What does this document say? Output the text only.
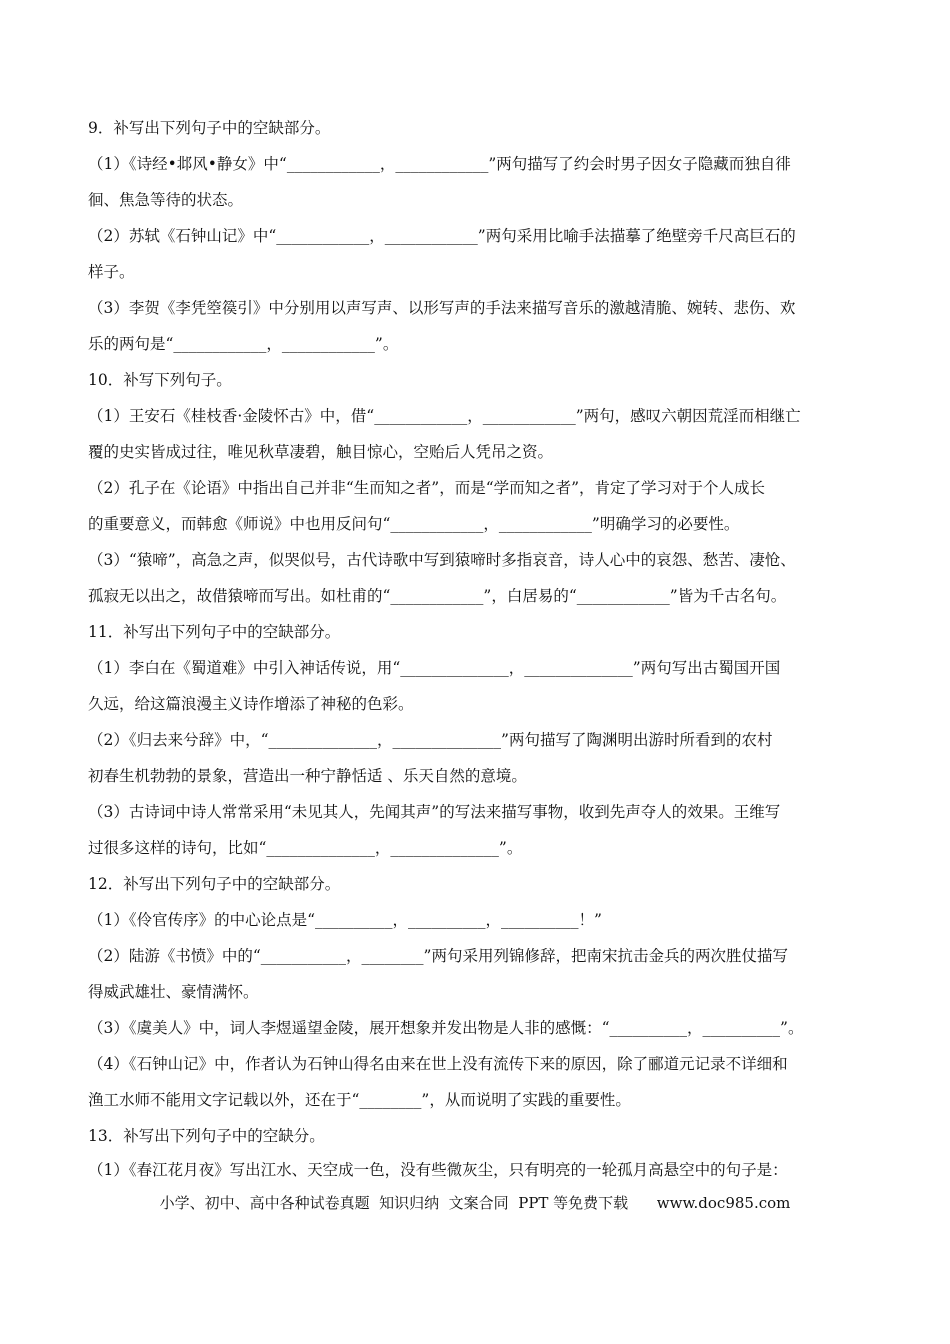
9．补写出下列句子中的空缺部分。
（1）《诗经•邶风•静女》中“____________，____________”两句描写了约会时男子因女子隐藏而独自徘
徊、焦急等待的状态。
（2）苏轼《石钟山记》中“____________，____________”两句采用比喻手法描摹了绝壁旁千尺高巨石的
样子。
（3）李贺《李凭箜篌引》中分别用以声写声、以形写声的手法来描写音乐的激越清脆、婉转、悲伤、欢
乐的两句是“____________，____________”。
10．补写下列句子。
（1）王安石《桂枝香·金陵怀古》中，借“____________，____________”两句，感叹六朝因荒淫而相继亡
覆的史实皆成过往，唯见秋草凄碧，触目惊心，空贻后人凭吊之资。
（2）孔子在《论语》中指出自己并非“生而知之者”，而是“学而知之者”，肯定了学习对于个人成长
的重要意义，而韩愈《师说》中也用反问句“____________，____________”明确学习的必要性。
（3）“猿啼”，高急之声，似哭似号，古代诗歌中写到猿啼时多指哀音，诗人心中的哀怨、愁苦、凄怆、
孤寂无以出之，故借猿啼而写出。如杜甫的“____________”，白居易的“____________”皆为千古名句。
11．补写出下列句子中的空缺部分。
（1）李白在《蜀道难》中引入神话传说，用“______________，______________”两句写出古蜀国开国
久远，给这篇浪漫主义诗作增添了神秘的色彩。
（2）《归去来兮辞》中，“______________，______________”两句描写了陶渊明出游时所看到的农村
初春生机勃勃的景象，营造出一种宁静恬适 、乐天自然的意境。
（3）古诗词中诗人常常采用“未见其人，先闻其声”的写法来描写事物，收到先声夺人的效果。王维写
过很多这样的诗句，比如“______________，______________”。
12．补写出下列句子中的空缺部分。
（1）《伶官传序》的中心论点是“__________，__________，__________！”
（2）陆游《书愤》中的“___________，________”两句采用列锦修辞，把南宋抗击金兵的两次胜仗描写
得威武雄壮、豪情满怀。
（3）《虞美人》中，词人李煜遥望金陵，展开想象并发出物是人非的感慨：“__________，__________”。
（4）《石钟山记》中，作者认为石钟山得名由来在世上没有流传下来的原因，除了郦道元记录不详细和
渔工水师不能用文字记载以外，还在于“________”，从而说明了实践的重要性。
13．补写出下列句子中的空缺分。
（1）《春江花月夜》写出江水、天空成一色，没有些微灰尘，只有明亮的一轮孤月高悬空中的句子是：
小学、初中、高中各种试卷真题  知识归纳  文案合同  PPT 等免费下载      www.doc985.com
